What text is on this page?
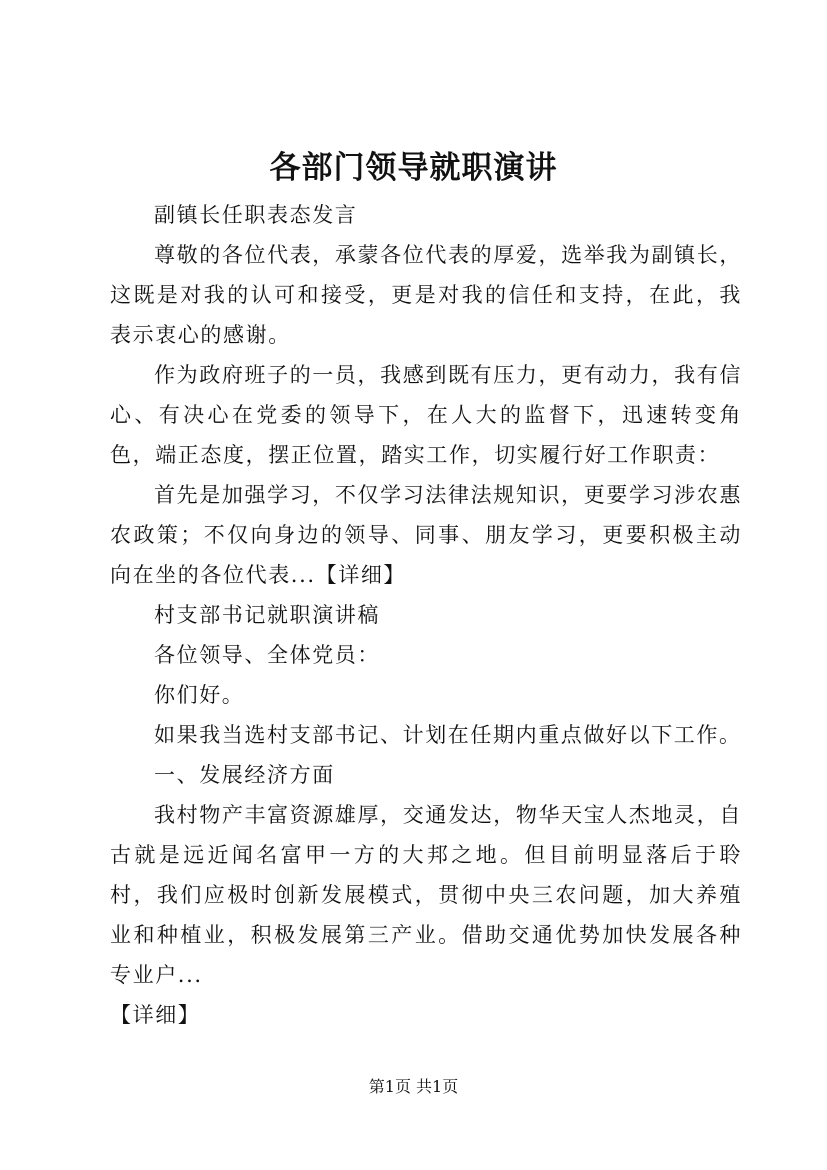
各部门领导就职演讲

副镇长任职表态发言

尊敬的各位代表，承蒙各位代表的厚爱，选举我为副镇长，这既是对我的认可和接受，更是对我的信任和支持，在此，我表示衷心的感谢。

作为政府班子的一员，我感到既有压力，更有动力，我有信心、有决心在党委的领导下，在人大的监督下，迅速转变角色，端正态度，摆正位置，踏实工作，切实履行好工作职责：

首先是加强学习，不仅学习法律法规知识，更要学习涉农惠农政策；不仅向身边的领导、同事、朋友学习，更要积极主动向在坐的各位代表...【详细】

村支部书记就职演讲稿

各位领导、全体党员：

你们好。

如果我当选村支部书记、计划在任期内重点做好以下工作。

一、发展经济方面

我村物产丰富资源雄厚，交通发达，物华天宝人杰地灵，自古就是远近闻名富甲一方的大邦之地。但目前明显落后于聆村，我们应极时创新发展模式，贯彻中央三农问题，加大养殖业和种植业，积极发展第三产业。借助交通优势加快发展各种专业户...

【详细】

第1页 共1页
